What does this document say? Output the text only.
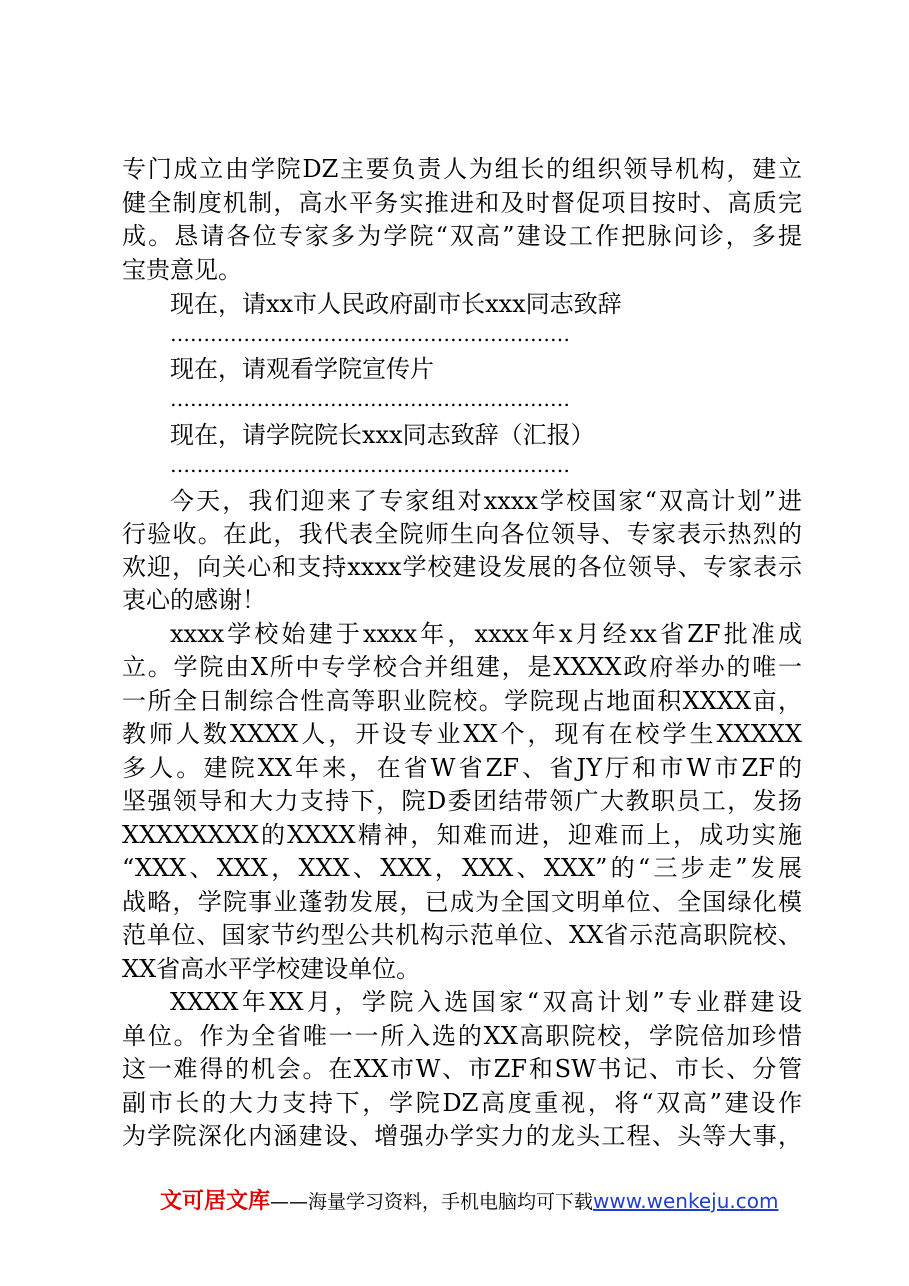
专门成立由学院DZ主要负责人为组长的组织领导机构，建立
健全制度机制，高水平务实推进和及时督促项目按时、高质完
成。恳请各位专家多为学院“双高”建设工作把脉问诊，多提
宝贵意见。
现在，请xx市人民政府副市长xxx同志致辞
……………………………………………………
现在，请观看学院宣传片
……………………………………………………
现在，请学院院长xxx同志致辞（汇报）
……………………………………………………
今天，我们迎来了专家组对xxxx学校国家“双高计划”进
行验收。在此，我代表全院师生向各位领导、专家表示热烈的
欢迎，向关心和支持xxxx学校建设发展的各位领导、专家表示
衷心的感谢！
xxxx学校始建于xxxx年，xxxx年x月经xx省ZF批准成
立。学院由X所中专学校合并组建，是XXXX政府举办的唯一
一所全日制综合性高等职业院校。学院现占地面积XXXX亩，
教师人数XXXX人，开设专业XX个，现有在校学生XXXXX
多人。建院XX年来，在省W省ZF、省JY厅和市W市ZF的
坚强领导和大力支持下，院D委团结带领广大教职员工，发扬
XXXXXXXX的XXXX精神，知难而进，迎难而上，成功实施
“XXX、XXX，XXX、XXX，XXX、XXX”的“三步走”发展
战略，学院事业蓬勃发展，已成为全国文明单位、全国绿化模
范单位、国家节约型公共机构示范单位、XX省示范高职院校、
XX省高水平学校建设单位。
XXXX年XX月，学院入选国家“双高计划”专业群建设
单位。作为全省唯一一所入选的XX高职院校，学院倍加珍惜
这一难得的机会。在XX市W、市ZF和SW书记、市长、分管
副市长的大力支持下，学院DZ高度重视，将“双高”建设作
为学院深化内涵建设、增强办学实力的龙头工程、头等大事，
文可居文库——海量学习资料，手机电脑均可下载www.wenkeju.com
